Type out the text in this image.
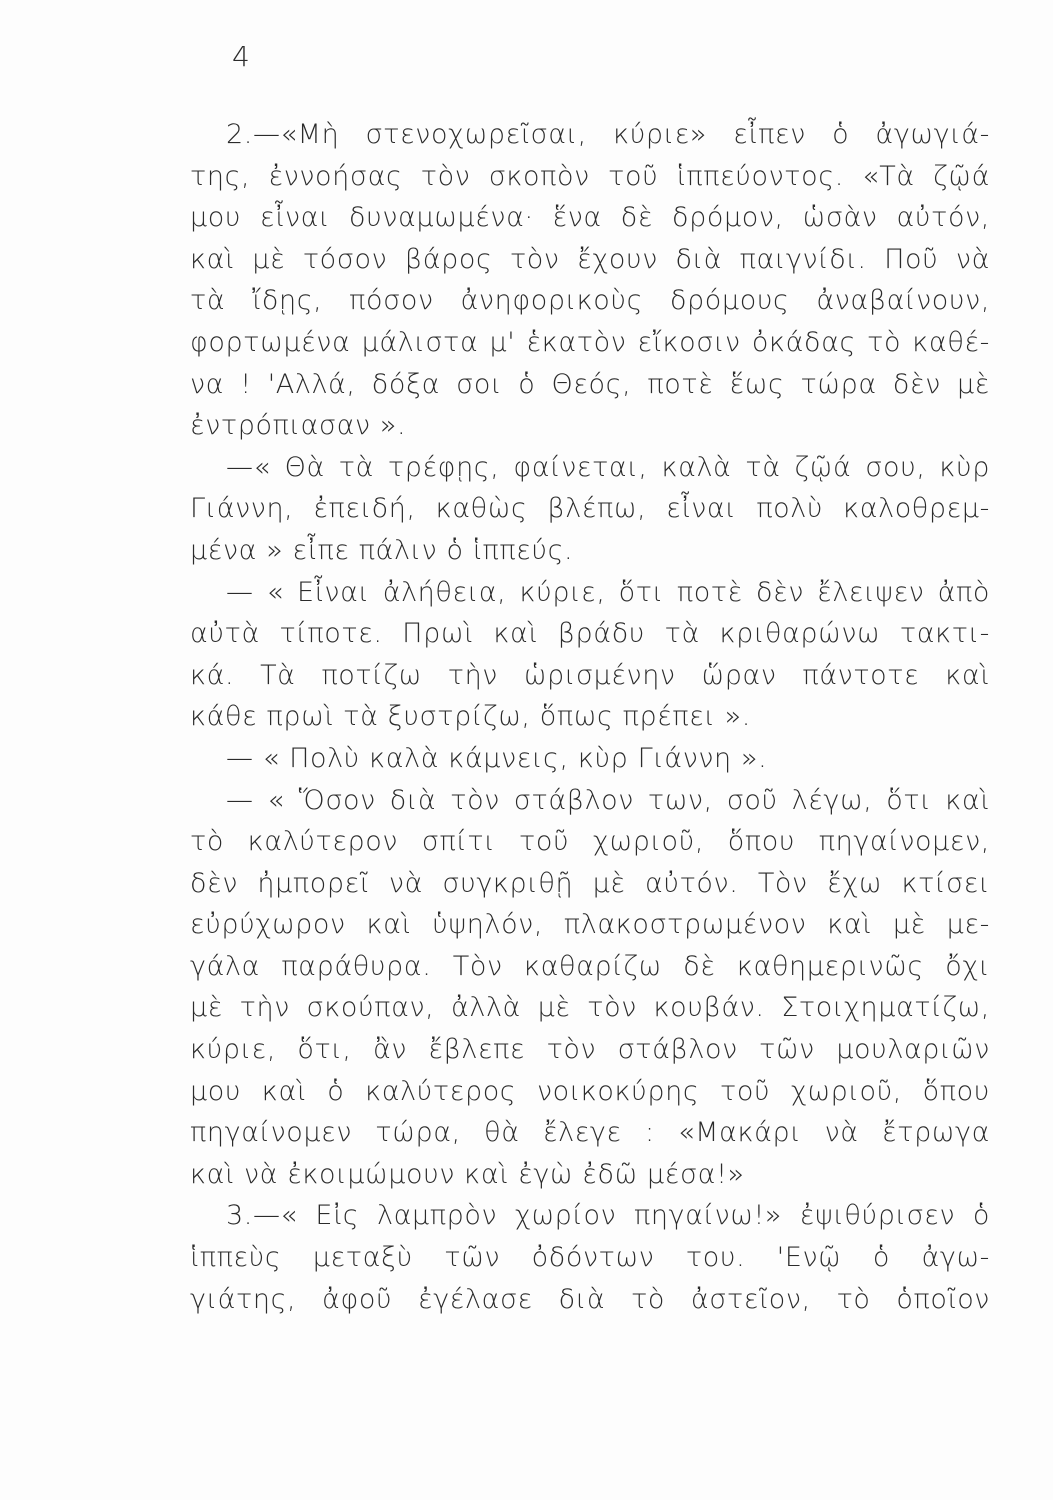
4
2.—«Μὴ στενοχωρεῖσαι, κύριε» εἶπεν ὁ ἀγωγιά-
της, ἐννοήσας τὸν σκοπὸν τοῦ ἱππεύοντος. «Τὰ ζῷά
μου εἶναι δυναμωμένα· ἕνα δὲ δρόμον, ὡσὰν αὐτόν,
καὶ μὲ τόσον βάρος τὸν ἔχουν διὰ παιγνίδι. Ποῦ νὰ
τὰ ἴδῃς, πόσον ἀνηφορικοὺς δρόμους ἀναβαίνουν,
φορτωμένα μάλιστα μ' ἑκατὸν εἴκοσιν ὀκάδας τὸ καθέ-
να ! 'Αλλά, δόξα σοι ὁ Θεός, ποτὲ ἕως τώρα δὲν μὲ
ἐντρόπιασαν ».
—« Θὰ τὰ τρέφῃς, φαίνεται, καλὰ τὰ ζῷά σου, κὺρ
Γιάννη, ἐπειδή, καθὼς βλέπω, εἶναι πολὺ καλοθρεμ-
μένα » εἶπε πάλιν ὁ ἱππεύς.
— « Εἶναι ἀλήθεια, κύριε, ὅτι ποτὲ δὲν ἔλειψεν ἀπὸ
αὐτὰ τίποτε. Πρωὶ καὶ βράδυ τὰ κριθαρώνω τακτι-
κά. Τὰ ποτίζω τὴν ὡρισμένην ὥραν πάντοτε καὶ
κάθε πρωὶ τὰ ξυστρίζω, ὅπως πρέπει ».
— « Πολὺ καλὰ κάμνεις, κὺρ Γιάννη ».
— « Ὅσον διὰ τὸν στάβλον των, σοῦ λέγω, ὅτι καὶ
τὸ καλύτερον σπίτι τοῦ χωριοῦ, ὅπου πηγαίνομεν,
δὲν ἠμπορεῖ νὰ συγκριθῇ μὲ αὐτόν. Τὸν ἔχω κτίσει
εὐρύχωρον καὶ ὑψηλόν, πλακοστρωμένον καὶ μὲ με-
γάλα παράθυρα. Τὸν καθαρίζω δὲ καθημερινῶς ὄχι
μὲ τὴν σκούπαν, ἀλλὰ μὲ τὸν κουβάν. Στοιχηματίζω,
κύριε, ὅτι, ἂν ἔβλεπε τὸν στάβλον τῶν μουλαριῶν
μου καὶ ὁ καλύτερος νοικοκύρης τοῦ χωριοῦ, ὅπου
πηγαίνομεν τώρα, θὰ ἔλεγε : «Μακάρι νὰ ἔτρωγα
καὶ νὰ ἐκοιμώμουν καὶ ἐγὼ ἐδῶ μέσα!»
3.—« Εἰς λαμπρὸν χωρίον πηγαίνω!» ἐψιθύρισεν ὁ
ἱππεὺς μεταξὺ τῶν ὀδόντων του. 'Ενῷ ὁ ἀγω-
γιάτης, ἀφοῦ ἐγέλασε διὰ τὸ ἀστεῖον, τὸ ὁποῖον
